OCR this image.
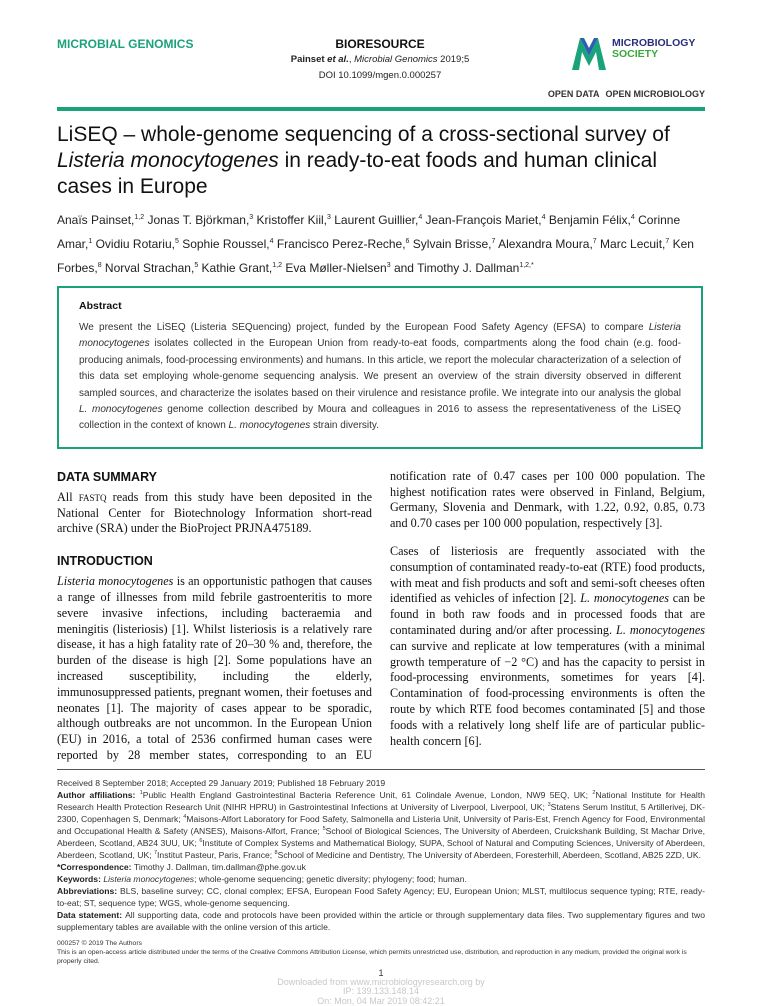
MICROBIAL GENOMICS	BIORESOURCE
Painset et al., Microbial Genomics 2019;5
DOI 10.1099/mgen.0.000257
MICROBIOLOGY
SOCIETY
OPEN DATA OPEN MICROBIOLOGY
LiSEQ – whole-genome sequencing of a cross-sectional survey of Listeria monocytogenes in ready-to-eat foods and human clinical cases in Europe
Anaïs Painset,$^{1,2}$ Jonas T. Björkman,$^3$ Kristoffer Kiil,$^3$ Laurent Guillier,$^4$ Jean-François Mariet,$^4$ Benjamin Félix,$^4$ Corinne Amar,$^1$ Ovidiu Rotariu,$^5$ Sophie Roussel,$^4$ Francisco Perez-Reche,$^6$ Sylvain Brisse,$^7$ Alexandra Moura,$^7$ Marc Lecuit,$^7$ Ken Forbes,$^8$ Norval Strachan,$^5$ Kathie Grant,$^{1,2}$ Eva Møller-Nielsen$^3$ and Timothy J. Dallman$^{1,2,*}$
Abstract

We present the LiSEQ (Listeria SEQuencing) project, funded by the European Food Safety Agency (EFSA) to compare Listeria monocytogenes isolates collected in the European Union from ready-to-eat foods, compartments along the food chain (e.g. food-producing animals, food-processing environments) and humans. In this article, we report the molecular characterization of a selection of this data set employing whole-genome sequencing analysis. We present an overview of the strain diversity observed in different sampled sources, and characterize the isolates based on their virulence and resistance profile. We integrate into our analysis the global L. monocytogenes genome collection described by Moura and colleagues in 2016 to assess the representativeness of the LiSEQ collection in the context of known L. monocytogenes strain diversity.

DATA SUMMARY

All fastq reads from this study have been deposited in the National Center for Biotechnology Information short-read archive (SRA) under the BioProject PRJNA475189.

INTRODUCTION

Listeria monocytogenes is an opportunistic pathogen that causes a range of illnesses from mild febrile gastroenteritis to more severe invasive infections, including bacteraemia and meningitis (listeriosis) [1]. Whilst listeriosis is a relatively rare disease, it has a high fatality rate of 20–30 % and, therefore, the burden of the disease is high [2]. Some populations have an increased susceptibility, including the elderly, immunosuppressed patients, pregnant women, their foetuses and neonates [1]. The majority of cases appear to be sporadic, although outbreaks are not uncommon. In the European Union (EU) in 2016, a total of 2536 confirmed human cases were reported by 28 member states, corresponding to an EU notification rate of 0.47 cases per 100 000 population. The highest notification rates were observed in Finland, Belgium, Germany, Slovenia and Denmark, with 1.22, 0.92, 0.85, 0.73 and 0.70 cases per 100 000 population, respectively [3].

Cases of listeriosis are frequently associated with the consumption of contaminated ready-to-eat (RTE) food products, with meat and fish products and soft and semi-soft cheeses often identified as vehicles of infection [2]. L. monocytogenes can be found in both raw foods and in processed foods that are contaminated during and/or after processing. L. monocytogenes can survive and replicate at low temperatures (with a minimal growth temperature of −2 °C) and has the capacity to persist in food-processing environments, sometimes for years [4]. Contamination of food-processing environments is often the route by which RTE food becomes contaminated [5] and those foods with a relatively long shelf life are of particular public-health concern [6].

Received 8 September 2018; Accepted 29 January 2019; Published 18 February 2019
Author affiliations: $^1$Public Health England Gastrointestinal Bacteria Reference Unit, 61 Colindale Avenue, London, NW9 5EQ, UK; $^2$National Institute for Health Research Health Protection Research Unit (NIHR HPRU) in Gastrointestinal Infections at University of Liverpool, Liverpool, UK; $^3$Statens Serum Institut, 5 Artillerivej, DK-2300, Copenhagen S, Denmark; $^4$Maisons-Alfort Laboratory for Food Safety, Salmonella and Listeria Unit, University of Paris-Est, French Agency for Food, Environmental and Occupational Health & Safety (ANSES), Maisons-Alfort, France; $^5$School of Biological Sciences, The University of Aberdeen, Cruickshank Building, St Machar Drive, Aberdeen, Scotland, AB24 3UU, UK; $^6$Institute of Complex Systems and Mathematical Biology, SUPA, School of Natural and Computing Sciences, University of Aberdeen, Aberdeen, Scotland, UK; $^7$Institut Pasteur, Paris, France; $^8$School of Medicine and Dentistry, The University of Aberdeen, Foresterhill, Aberdeen, Scotland, AB25 2ZD, UK.
*Correspondence: Timothy J. Dallman, tim.dallman@phe.gov.uk
Keywords: Listeria monocytogenes; whole-genome sequencing; genetic diversity; phylogeny; food; human.
Abbreviations: BLS, baseline survey; CC, clonal complex; EFSA, European Food Safety Agency; EU, European Union; MLST, multilocus sequence typing; RTE, ready-to-eat; ST, sequence type; WGS, whole-genome sequencing.
Data statement: All supporting data, code and protocols have been provided within the article or through supplementary data files. Two supplementary figures and two supplementary tables are available with the online version of this article.
000257 © 2019 The Authors
This is an open-access article distributed under the terms of the Creative Commons Attribution License, which permits unrestricted use, distribution, and reproduction in any medium, provided the original work is properly cited.
1
Downloaded from www.microbiologyresearch.org by
IP: 139.133.148.14
On: Mon, 04 Mar 2019 08:42:21
